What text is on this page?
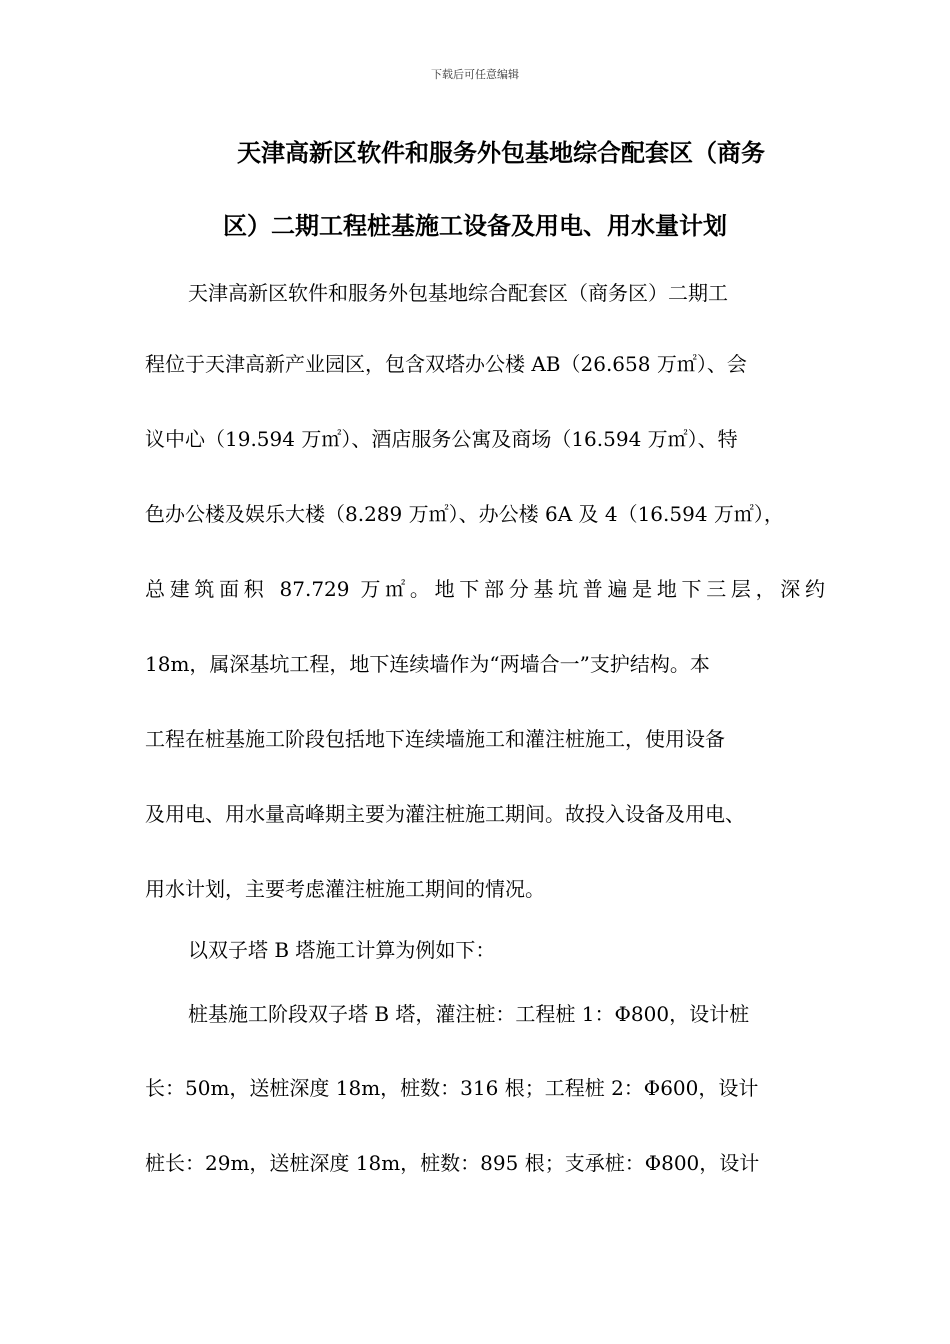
下载后可任意编辑
天津高新区软件和服务外包基地综合配套区（商务
区）二期工程桩基施工设备及用电、用水量计划
天津高新区软件和服务外包基地综合配套区（商务区）二期工
程位于天津高新产业园区，包含双塔办公楼 AB（26.658 万㎡）、会
议中心（19.594 万㎡）、酒店服务公寓及商场（16.594 万㎡）、特
色办公楼及娱乐大楼（8.289 万㎡）、办公楼 6A 及 4（16.594 万㎡），
总建筑面积 87.729 万㎡。地下部分基坑普遍是地下三层，深约
18m，属深基坑工程，地下连续墙作为“两墙合一”支护结构。本
工程在桩基施工阶段包括地下连续墙施工和灌注桩施工，使用设备
及用电、用水量高峰期主要为灌注桩施工期间。故投入设备及用电、
用水计划，主要考虑灌注桩施工期间的情况。
以双子塔 B 塔施工计算为例如下：
桩基施工阶段双子塔 B 塔，灌注桩：工程桩 1：Φ800，设计桩
长：50m，送桩深度 18m，桩数：316 根；工程桩 2：Φ600，设计
桩长：29m，送桩深度 18m，桩数：895 根；支承桩：Φ800，设计
